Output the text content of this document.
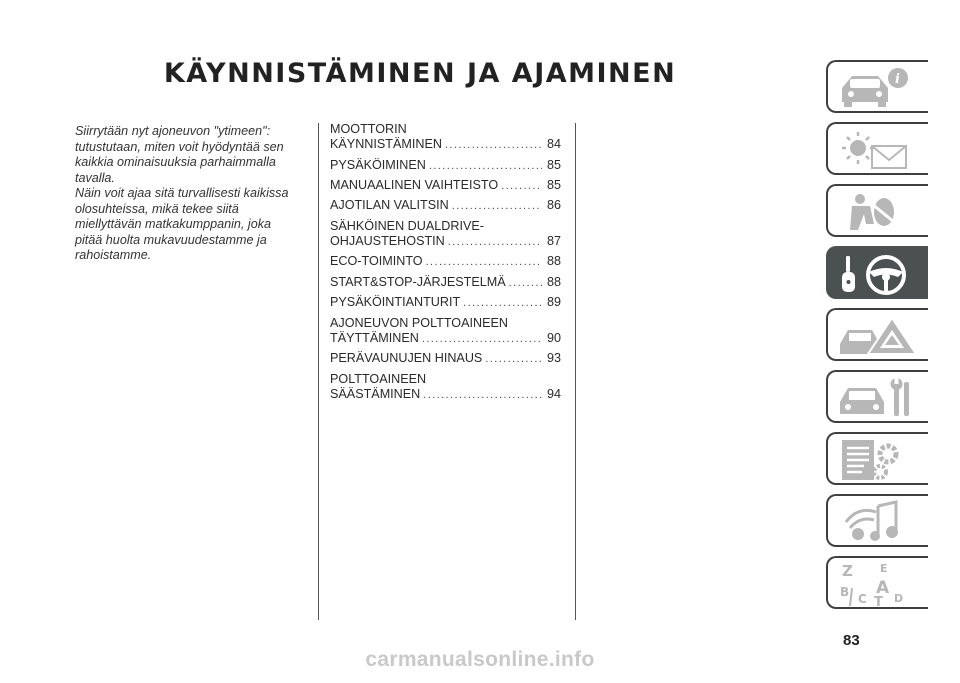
KÄYNNISTÄMINEN JA AJAMINEN

Siirrytään nyt ajoneuvon "ytimeen": tutustutaan, miten voit hyödyntää sen kaikkia ominaisuuksia parhaimmalla tavalla.

Näin voit ajaa sitä turvallisesti kaikissa olosuhteissa, mikä tekee siitä miellyttävän matkakumppanin, joka pitää huolta mukavuudestamme ja rahoistamme.

MOOTTORIN
KÄYNNISTÄMINEN .....	84
PYSÄKÖIMINEN .....	85
MANUAALINEN VAIHTEISTO .....	85
AJOTILAN VALITSIN .....	86
SÄHKÖINEN DUALDRIVE-
OHJAUSTEHOSTIN .....	87
ECO-TOIMINTO .....	88
START&STOP-JÄRJESTELMÄ .....	88
PYSÄKÖINTIANTURIT .....	89
AJONEUVON POLTTOAINEEN
TÄYTTÄMINEN .....	90
PERÄVAUNUJEN HINAUS .....	93
POLTTOAINEEN
SÄÄSTÄMINEN .....	94
i
Z E
B A
C D
T
83
carmanualsonline.info
